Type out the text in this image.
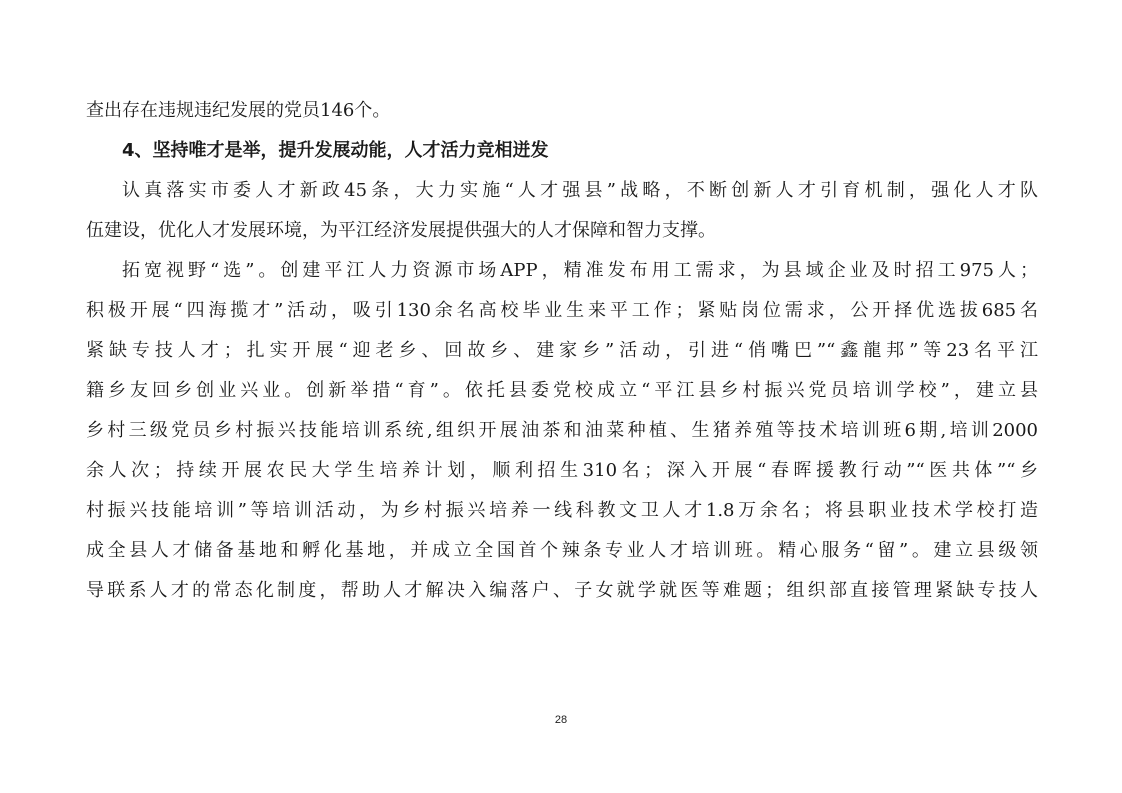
查出存在违规违纪发展的党员146个。
4、坚持唯才是举，提升发展动能，人才活力竞相迸发
认真落实市委人才新政45条，大力实施“人才强县”战略，不断创新人才引育机制，强化人才队
伍建设，优化人才发展环境，为平江经济发展提供强大的人才保障和智力支撑。
拓宽视野“选”。创建平江人力资源市场APP，精准发布用工需求，为县域企业及时招工975人；
积极开展“四海揽才”活动，吸引130余名高校毕业生来平工作；紧贴岗位需求，公开择优选拔685名
紧缺专技人才；扎实开展“迎老乡、回故乡、建家乡”活动，引进“俏嘴巴”“鑫龍邦”等23名平江
籍乡友回乡创业兴业。创新举措“育”。依托县委党校成立“平江县乡村振兴党员培训学校”，建立县
乡村三级党员乡村振兴技能培训系统,组织开展油茶和油菜种植、生猪养殖等技术培训班6期,培训2000
余人次；持续开展农民大学生培养计划，顺利招生310名；深入开展“春晖援教行动”“医共体”“乡
村振兴技能培训”等培训活动，为乡村振兴培养一线科教文卫人才1.8万余名；将县职业技术学校打造
成全县人才储备基地和孵化基地，并成立全国首个辣条专业人才培训班。精心服务“留”。建立县级领
导联系人才的常态化制度，帮助人才解决入编落户、子女就学就医等难题；组织部直接管理紧缺专技人
28
